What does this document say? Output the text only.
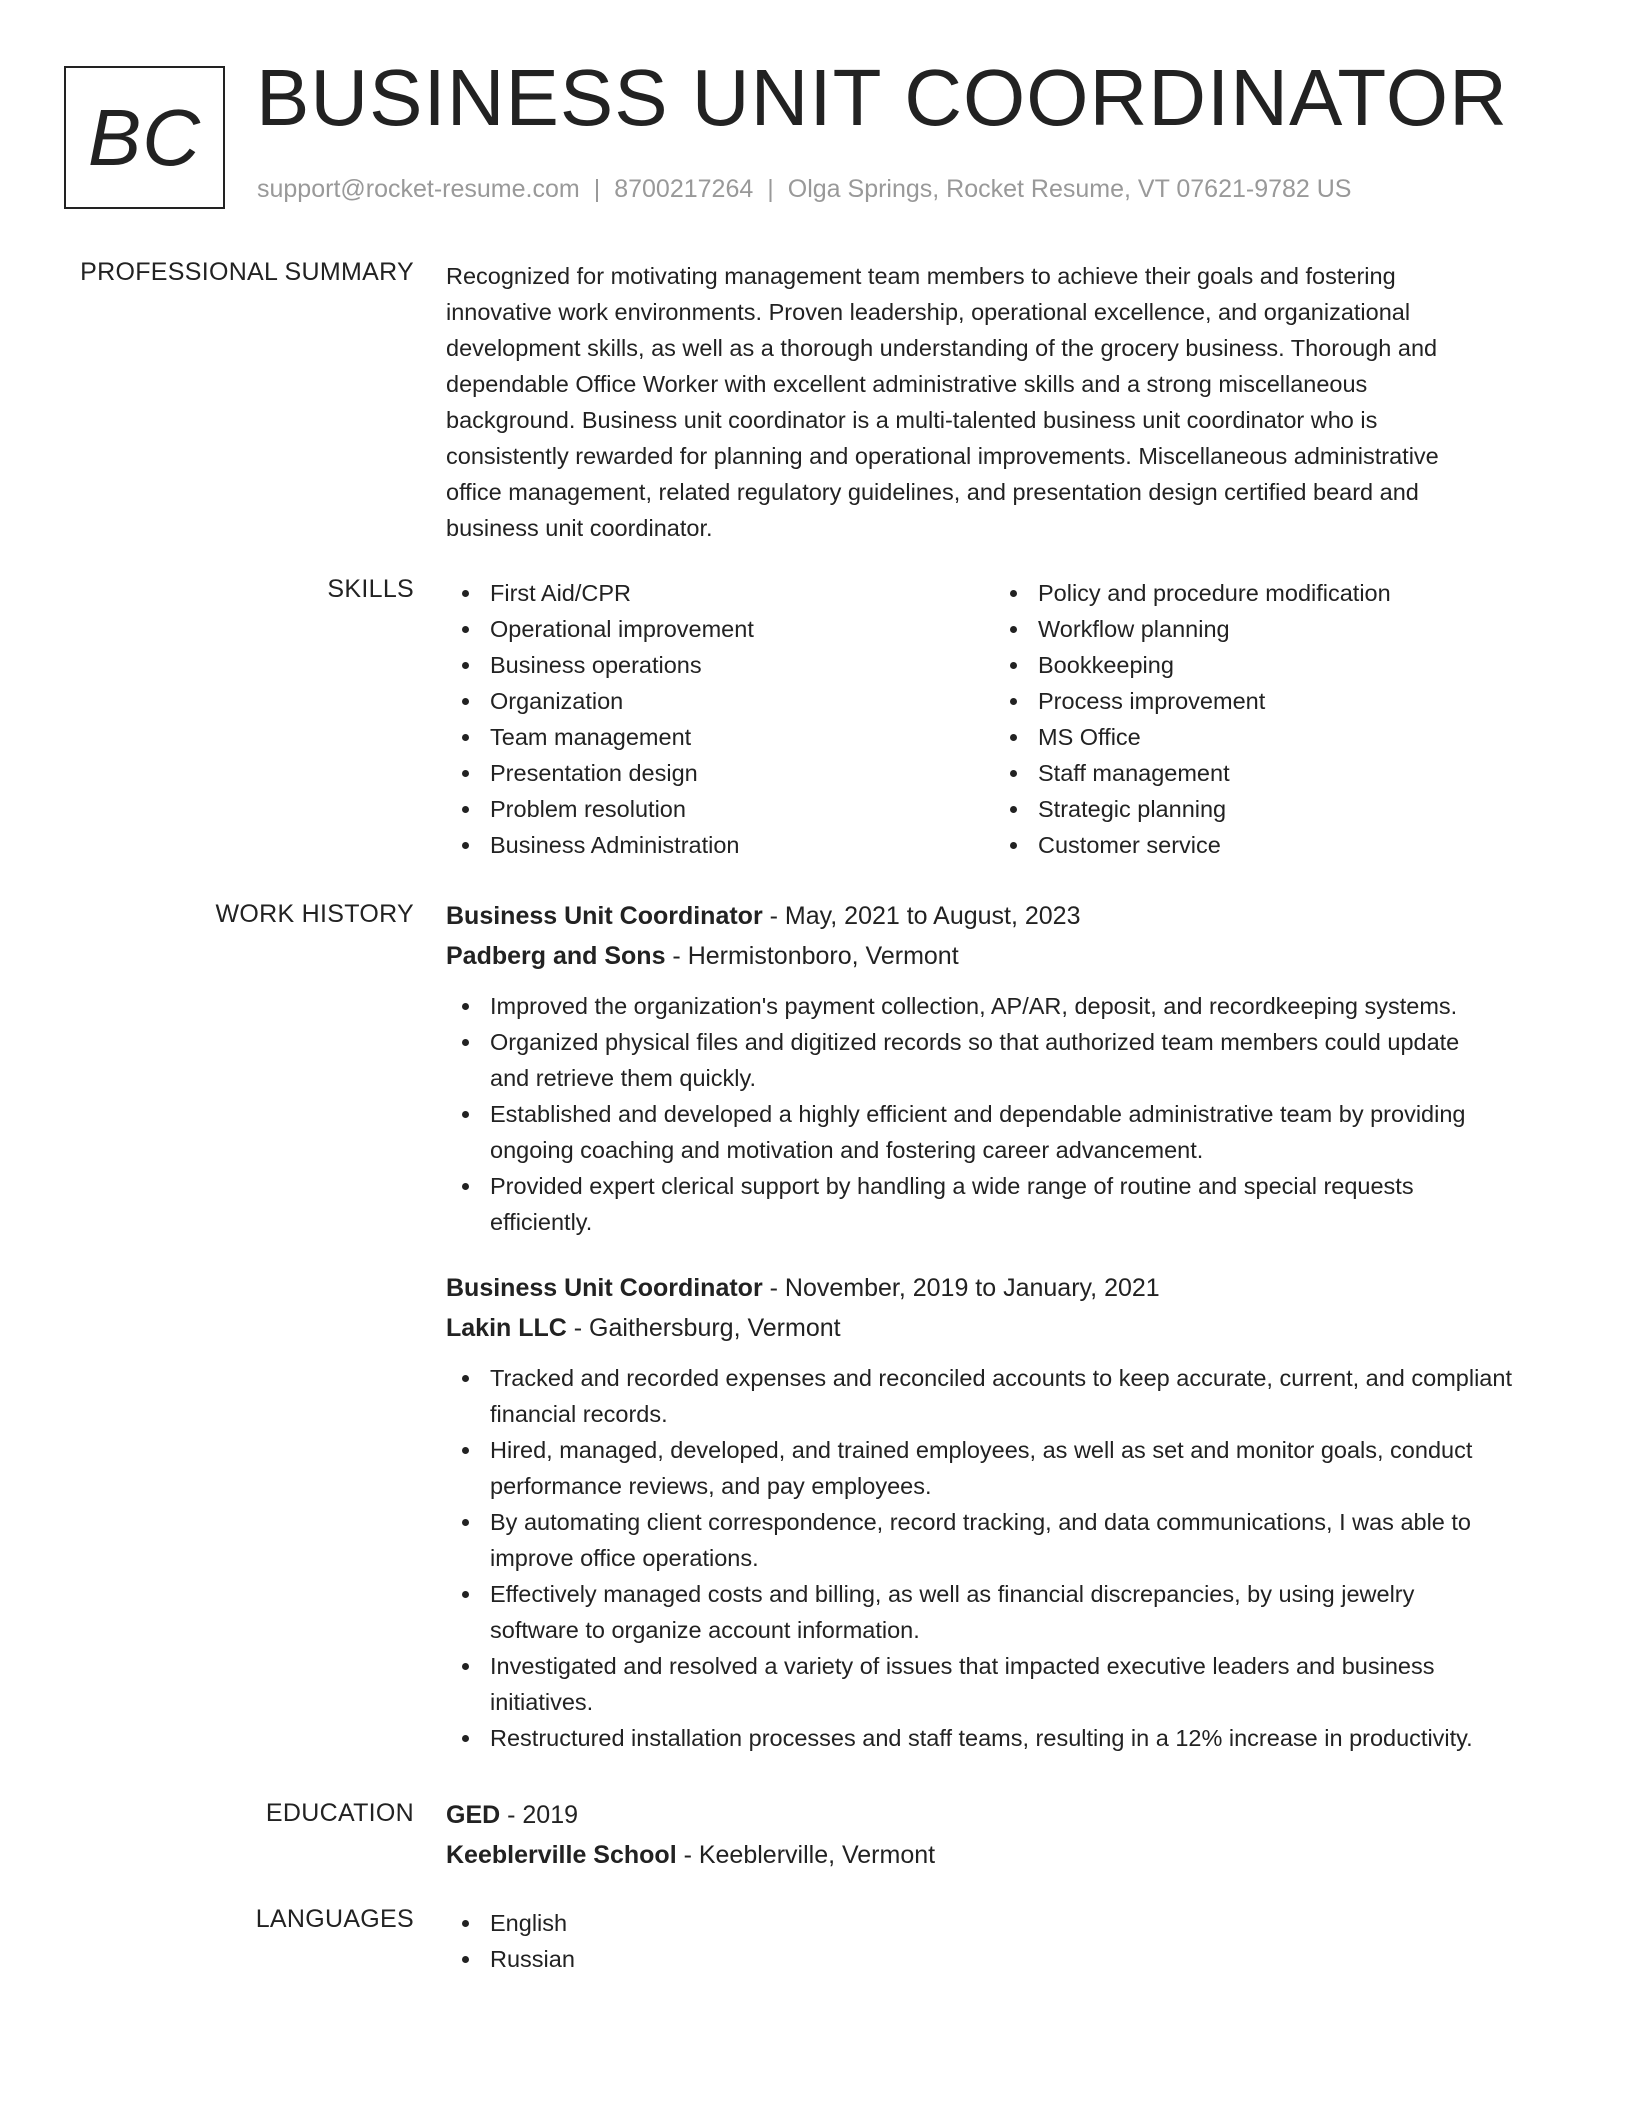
BC BUSINESS UNIT COORDINATOR
support@rocket-resume.com | 8700217264 | Olga Springs, Rocket Resume, VT 07621-9782 US
PROFESSIONAL SUMMARY Recognized for motivating management team members to achieve their goals and fostering
innovative work environments. Proven leadership, operational excellence, and organizational
development skills, as well as a thorough understanding of the grocery business. Thorough and
dependable Office Worker with excellent administrative skills and a strong miscellaneous
background. Business unit coordinator is a multi-talented business unit coordinator who is
consistently rewarded for planning and operational improvements. Miscellaneous administrative
office management, related regulatory guidelines, and presentation design certified beard and
business unit coordinator.
SKILLS	First Aid/CPR
Operational improvement
Business operations
Organization
Team management
Presentation design
Problem resolution
Business Administration
Policy and procedure modification
Workflow planning
Bookkeeping
Process improvement
MS Office
Staff management
Strategic planning
Customer service
WORK HISTORY Business Unit Coordinator - May, 2021 to August, 2023
Padberg and Sons - Hermistonboro, Vermont
Improved the organization's payment collection, AP/AR, deposit, and recordkeeping systems.
Organized physical files and digitized records so that authorized team members could update
and retrieve them quickly.
Established and developed a highly efficient and dependable administrative team by providing
ongoing coaching and motivation and fostering career advancement.
Provided expert clerical support by handling a wide range of routine and special requests
efficiently.
Business Unit Coordinator - November, 2019 to January, 2021
Lakin LLC - Gaithersburg, Vermont
Tracked and recorded expenses and reconciled accounts to keep accurate, current, and compliant
financial records.
Hired, managed, developed, and trained employees, as well as set and monitor goals, conduct
performance reviews, and pay employees.
By automating client correspondence, record tracking, and data communications, I was able to
improve office operations.
Effectively managed costs and billing, as well as financial discrepancies, by using jewelry
software to organize account information.
Investigated and resolved a variety of issues that impacted executive leaders and business
initiatives.
Restructured installation processes and staff teams, resulting in a 12% increase in productivity.
EDUCATION GED - 2019
Keeblerville School - Keeblerville, Vermont
LANGUAGES	English
Russian
